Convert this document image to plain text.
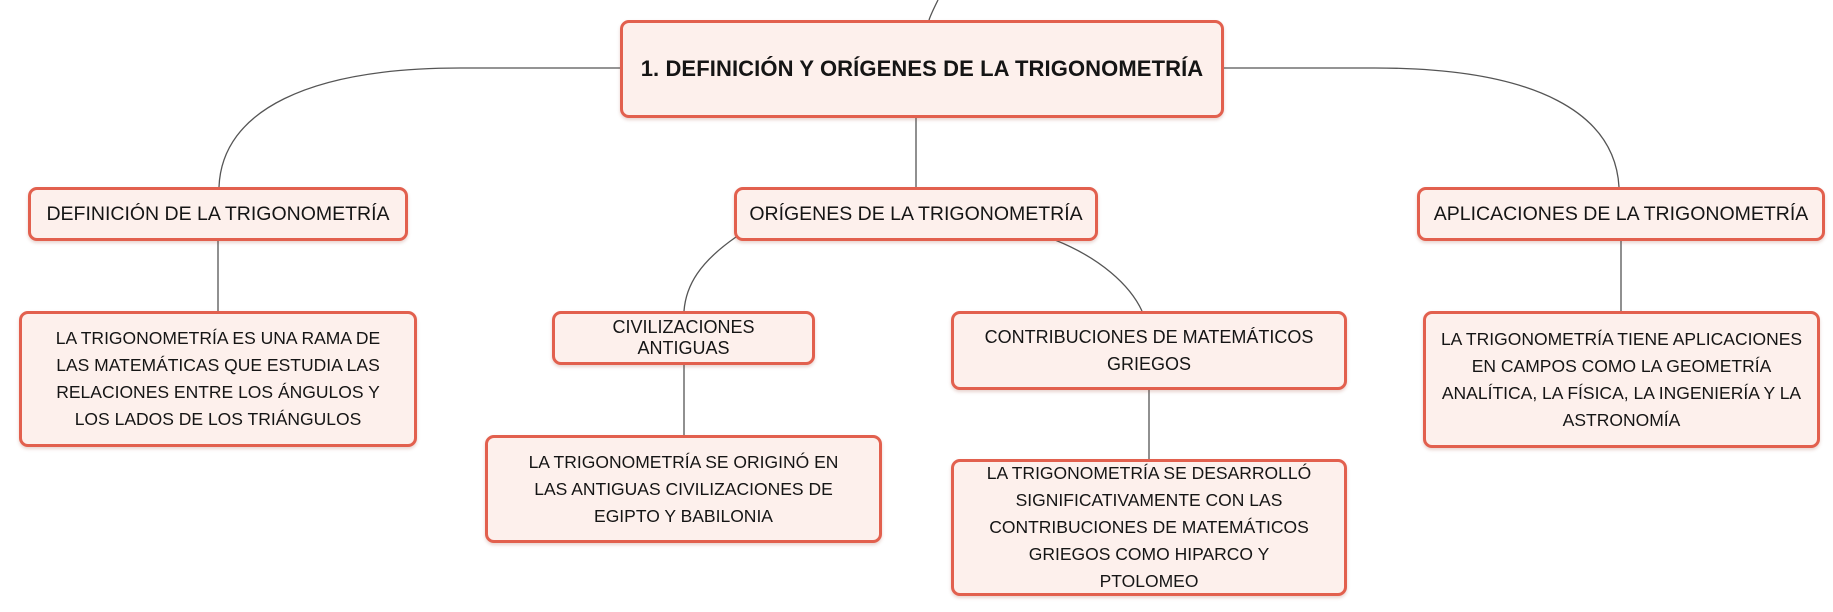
1. DEFINICIÓN Y ORÍGENES DE LA TRIGONOMETRÍA
DEFINICIÓN DE LA TRIGONOMETRÍA	ORÍGENES DE LA TRIGONOMETRÍA	APLICACIONES DE LA TRIGONOMETRÍA
LA TRIGONOMETRÍA ES UNA RAMA DE LAS MATEMÁTICAS QUE ESTUDIA LAS RELACIONES ENTRE LOS ÁNGULOS Y LOS LADOS DE LOS TRIÁNGULOS
CIVILIZACIONES ANTIGUAS
CONTRIBUCIONES DE MATEMÁTICOS GRIEGOS
LA TRIGONOMETRÍA TIENE APLICACIONES EN CAMPOS COMO LA GEOMETRÍA ANALÍTICA, LA FÍSICA, LA INGENIERÍA Y LA ASTRONOMÍA
LA TRIGONOMETRÍA SE ORIGINÓ EN LAS ANTIGUAS CIVILIZACIONES DE EGIPTO Y BABILONIA
LA TRIGONOMETRÍA SE DESARROLLÓ SIGNIFICATIVAMENTE CON LAS CONTRIBUCIONES DE MATEMÁTICOS GRIEGOS COMO HIPARCO Y PTOLOMEO
